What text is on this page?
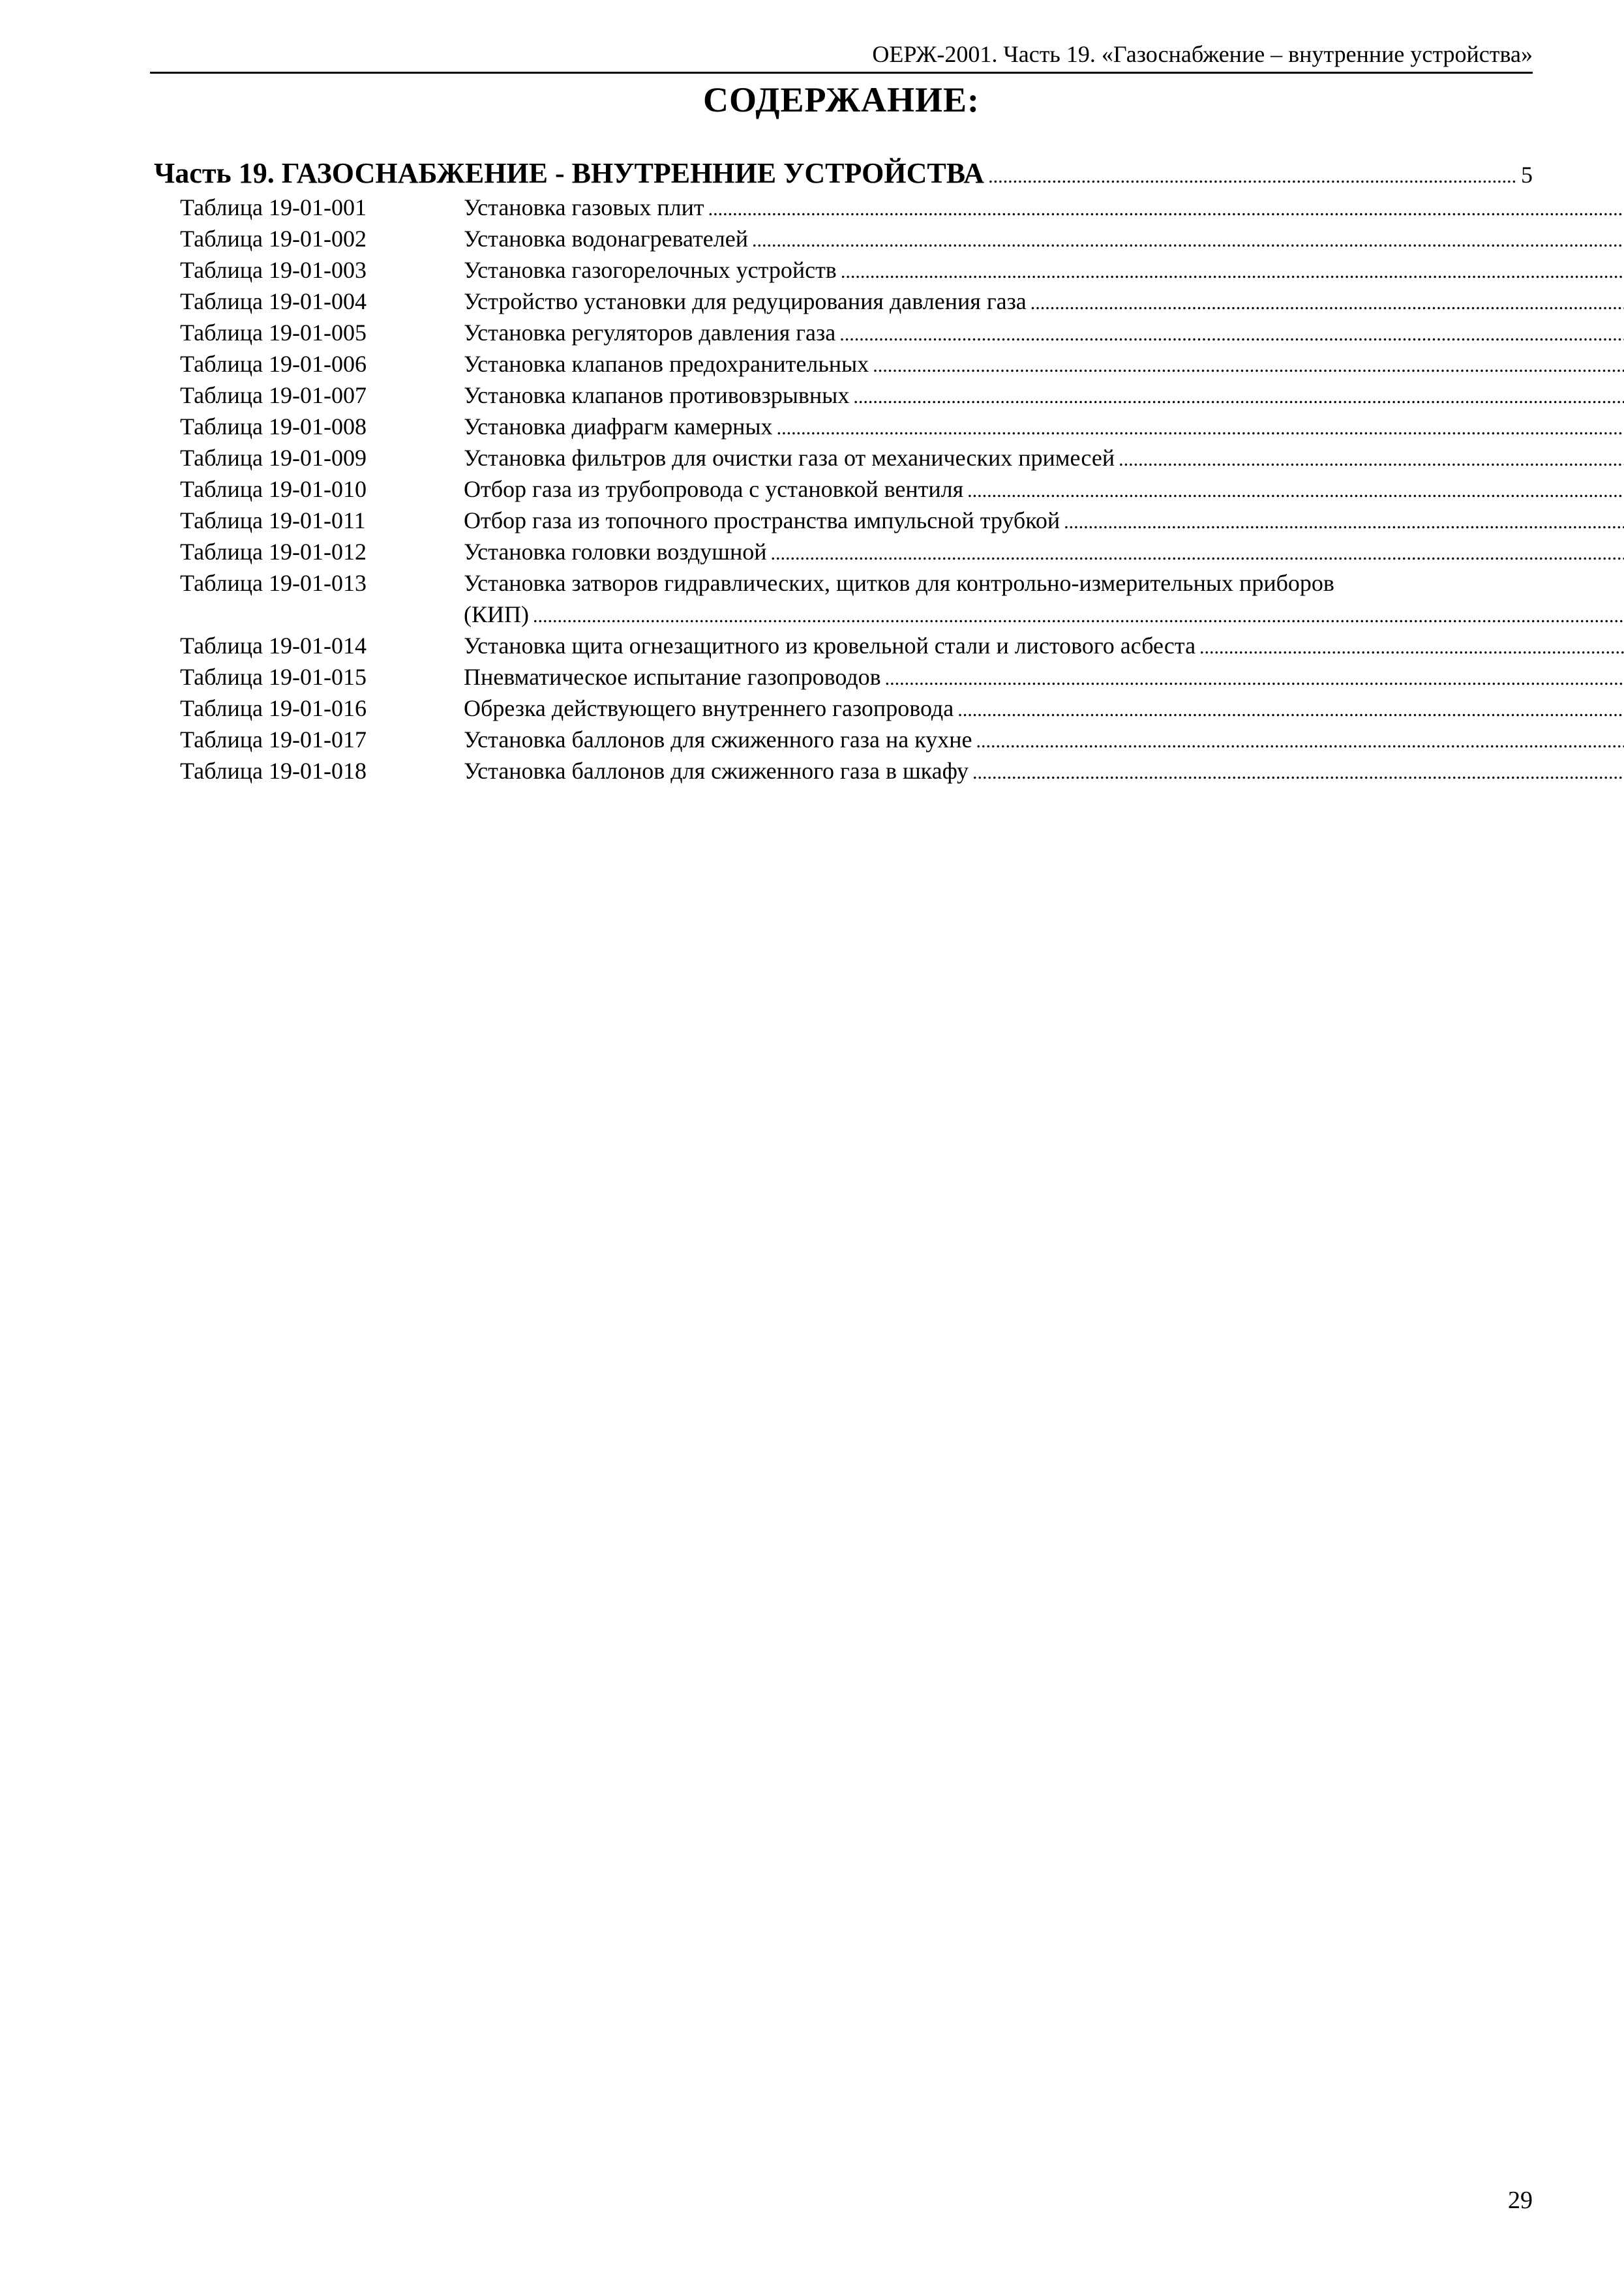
ОЕРЖ-2001. Часть 19. «Газоснабжение – внутренние устройства»
СОДЕРЖАНИЕ:
Часть 19. ГАЗОСНАБЖЕНИЕ - ВНУТРЕННИЕ УСТРОЙСТВА
.....	5
Таблица 19-01-001	Установка газовых плит
.....
Таблица 19-01-002	Установка водонагревателей
.....
Таблица 19-01-003	Установка газогорелочных устройств
.....
Таблица 19-01-004	Устройство установки для редуцирования давления газа
.....
Таблица 19-01-005	Установка регуляторов давления газа
.....
Таблица 19-01-006	Установка клапанов предохранительных
.....
Таблица 19-01-007	Установка клапанов противовзрывных
.....
Таблица 19-01-008	Установка диафрагм камерных
.....
Таблица 19-01-009	Установка фильтров для очистки газа от механических примесей
.....
Таблица 19-01-010	Отбор газа из трубопровода с установкой вентиля
.....
Таблица 19-01-011	Отбор газа из топочного пространства импульсной трубкой
.....
Таблица 19-01-012	Установка головки воздушной
.....
Таблица 19-01-013	Установка затворов гидравлических, щитков для контрольно-измерительных приборов
(КИП)
.....
Таблица 19-01-014	Установка щита огнезащитного из кровельной стали и листового асбеста
.....
Таблица 19-01-015	Пневматическое испытание газопроводов
.....
Таблица 19-01-016	Обрезка действующего внутреннего газопровода
.....
Таблица 19-01-017	Установка баллонов для сжиженного газа на кухне
.....
Таблица 19-01-018	Установка баллонов для сжиженного газа в шкафу
.....
29
